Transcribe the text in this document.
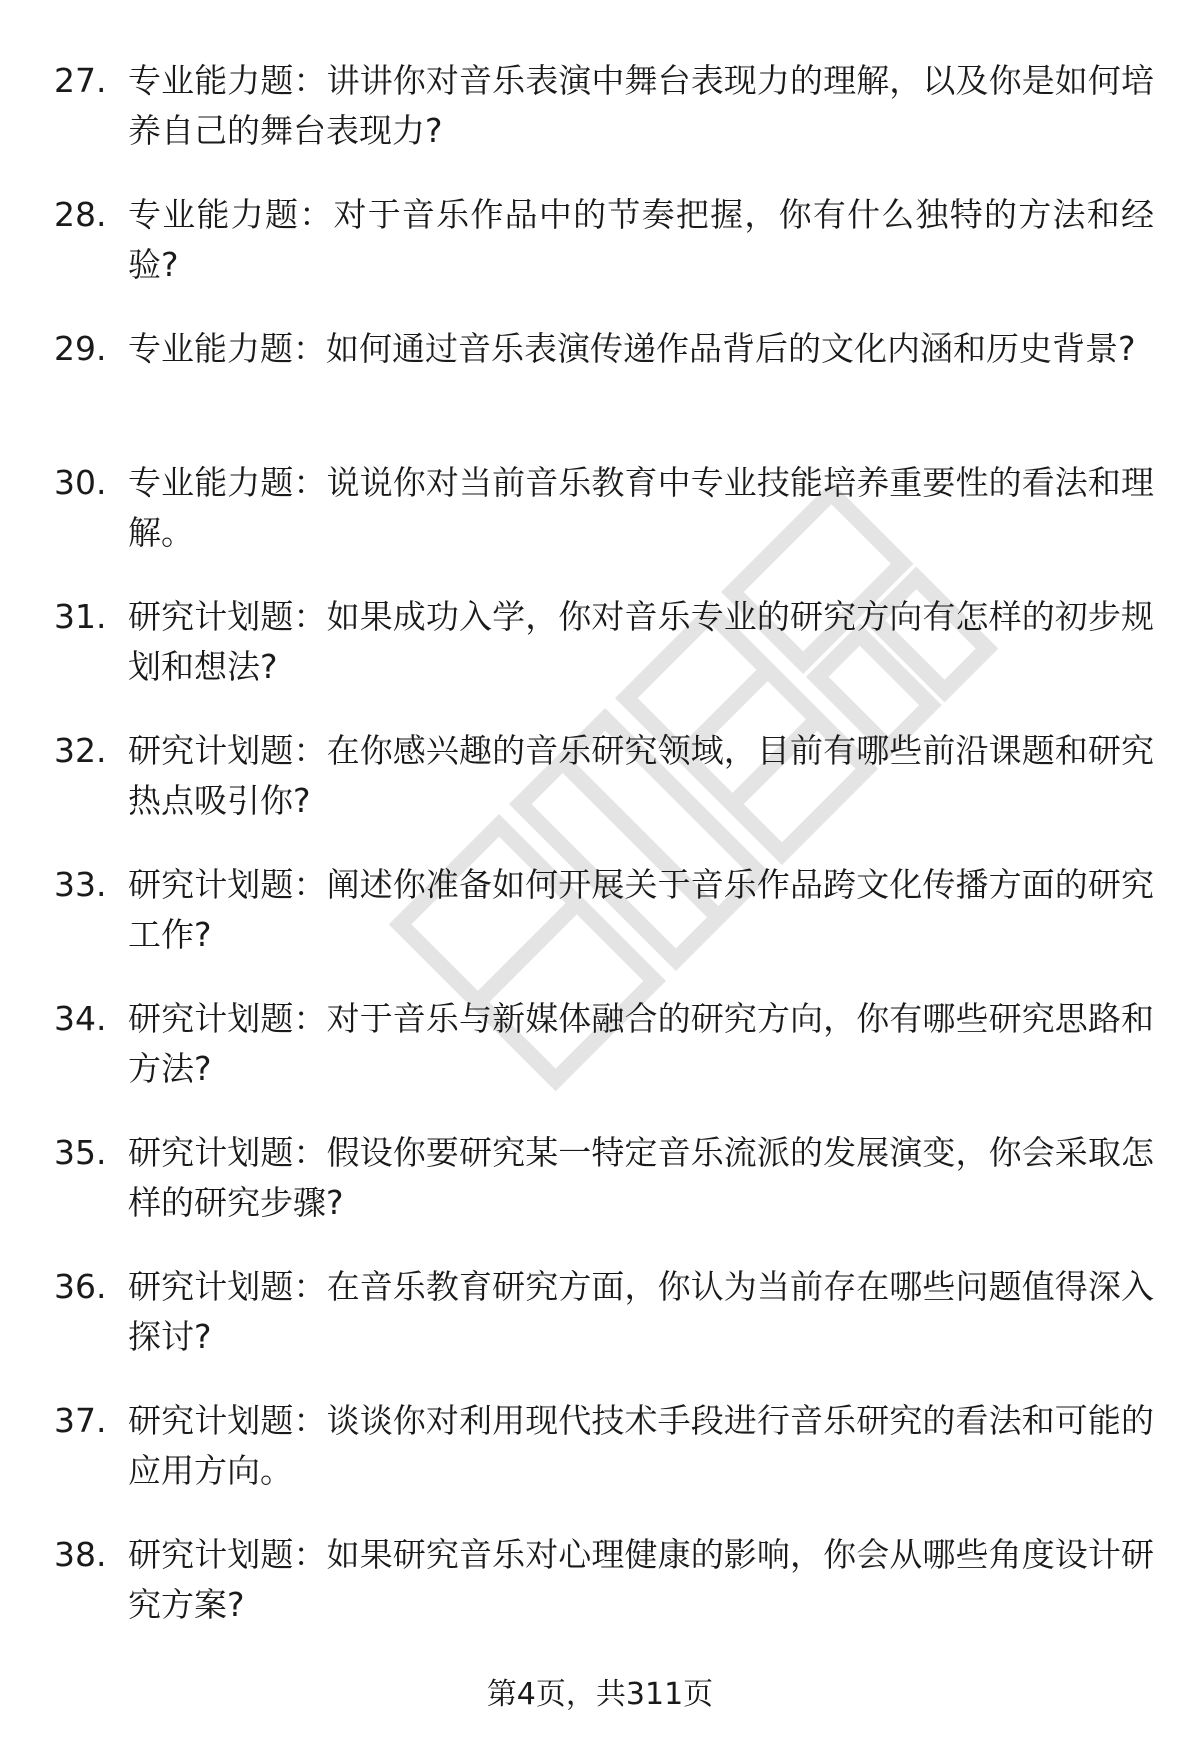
27. 专业能力题：讲讲你对音乐表演中舞台表现力的理解，以及你是如何培养自己的舞台表现力?
28. 专业能力题：对于音乐作品中的节奏把握，你有什么独特的方法和经验?
29. 专业能力题：如何通过音乐表演传递作品背后的文化内涵和历史背景?
30. 专业能力题：说说你对当前音乐教育中专业技能培养重要性的看法和理解。
31. 研究计划题：如果成功入学，你对音乐专业的研究方向有怎样的初步规划和想法?
32. 研究计划题：在你感兴趣的音乐研究领域，目前有哪些前沿课题和研究热点吸引你?
33. 研究计划题：阐述你准备如何开展关于音乐作品跨文化传播方面的研究工作?
34. 研究计划题：对于音乐与新媒体融合的研究方向，你有哪些研究思路和方法?
35. 研究计划题：假设你要研究某一特定音乐流派的发展演变，你会采取怎样的研究步骤?
36. 研究计划题：在音乐教育研究方面，你认为当前存在哪些问题值得深入探讨?
37. 研究计划题：谈谈你对利用现代技术手段进行音乐研究的看法和可能的应用方向。
38. 研究计划题：如果研究音乐对心理健康的影响，你会从哪些角度设计研究方案?
第4页，共311页
